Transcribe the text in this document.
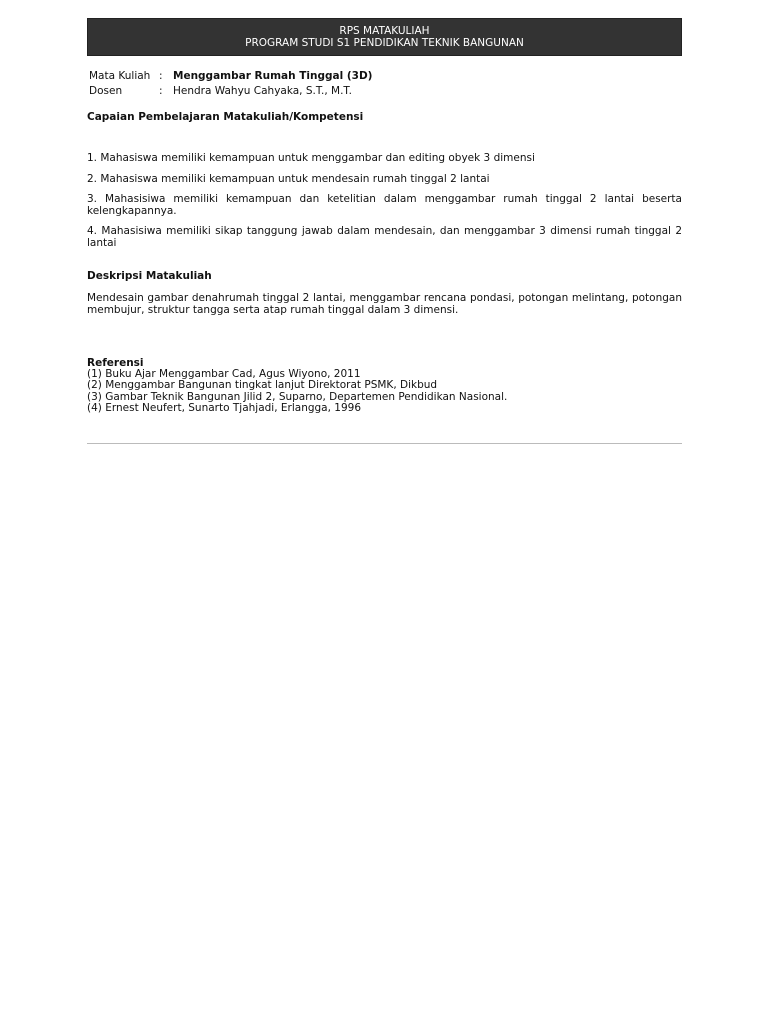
RPS MATAKULIAH
PROGRAM STUDI S1 PENDIDIKAN TEKNIK BANGUNAN
Mata Kuliah : Menggambar Rumah Tinggal (3D)
Dosen	: Hendra Wahyu Cahyaka, S.T., M.T.
Capaian Pembelajaran Matakuliah/Kompetensi

1. Mahasiswa memiliki kemampuan untuk menggambar dan editing obyek 3 dimensi

2. Mahasiswa memiliki kemampuan untuk mendesain rumah tinggal 2 lantai

3. Mahasisiwa memiliki kemampuan dan ketelitian dalam menggambar rumah tinggal 2 lantai beserta kelengkapannya.

4. Mahasisiwa memiliki sikap tanggung jawab dalam mendesain, dan menggambar 3 dimensi rumah tinggal 2 lantai

Deskripsi Matakuliah
Mendesain gambar denahrumah tinggal 2 lantai, menggambar rencana pondasi, potongan melintang, potongan membujur, struktur tangga serta atap rumah tinggal dalam 3 dimensi.
Referensi
(1) Buku Ajar Menggambar Cad, Agus Wiyono, 2011
(2) Menggambar Bangunan tingkat lanjut Direktorat PSMK, Dikbud
(3) Gambar Teknik Bangunan Jilid 2, Suparno, Departemen Pendidikan Nasional.
(4) Ernest Neufert, Sunarto Tjahjadi, Erlangga, 1996
